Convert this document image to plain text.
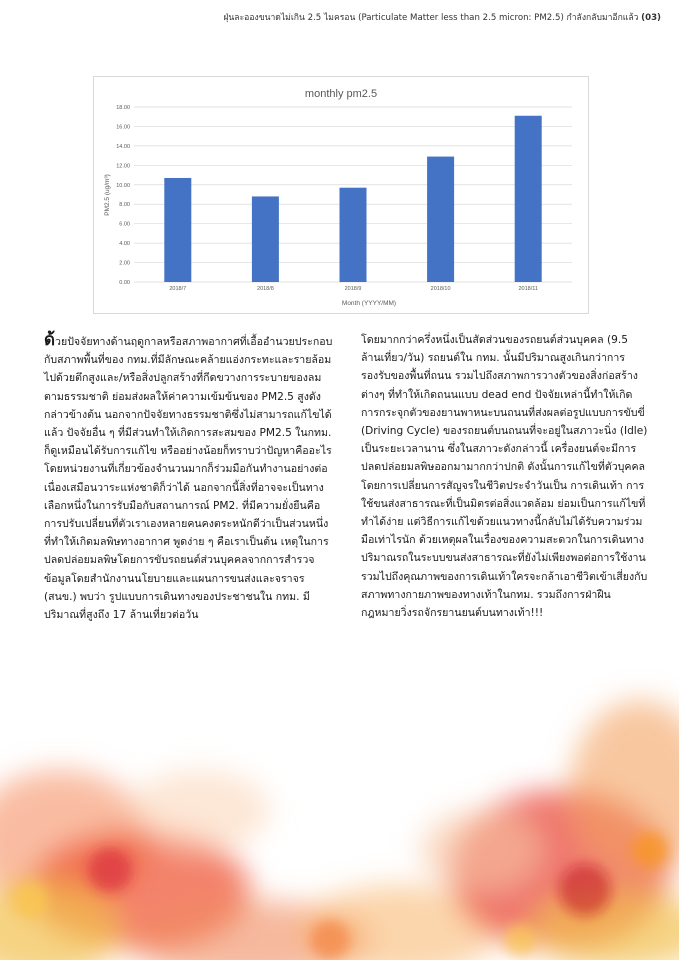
ฝุ่นละอองขนาดไม่เกิน 2.5 ไมครอน (Particulate Matter less than 2.5 micron: PM2.5) กำลังกลับมาอีกแล้ว (03)
monthly pm2.5
0.00
2.00
4.00
6.00
8.00
10.00
12.00
14.00
16.00
18.00
2018/7	2018/8	2018/9	2018/10	2018/11
Month (YYYY/MM)
PM2.5 (ug/m³)

ด้วยปัจจัยทางด้านฤดูกาลหรือสภาพอากาศที่เอื้ออำนวยประกอบกับสภาพพื้นที่ของ กทม.ที่มีลักษณะคล้ายแอ่งกระทะและรายล้อมไปด้วยตึกสูงและ/หรือสิ่งปลูกสร้างที่กีดขวางการระบายของลมตามธรรมชาติ ย่อมส่งผลให้ค่าความเข้มข้นของ PM2.5 สูงดังกล่าวข้างต้น นอกจากปัจจัยทางธรรมชาติซึ่งไม่สามารถแก้ไขได้แล้ว ปัจจัยอื่น ๆ ที่มีส่วนทำให้เกิดการสะสมของ PM2.5 ในกทม. ก็ดูเหมือนได้รับการแก้ไข หรืออย่างน้อยก็ทราบว่าปัญหาคืออะไร โดยหน่วยงานที่เกี่ยวข้องจำนวนมากก็ร่วมมือกันทำงานอย่างต่อเนื่องเสมือนวาระแห่งชาติก็ว่าได้ นอกจากนี้สิ่งที่อาจจะเป็นทางเลือกหนึ่งในการรับมือกับสถานการณ์ PM2. ที่มีความยั่งยืนคือ การปรับเปลี่ยนที่ตัวเราเองหลายคนคงตระหนักดีว่าเป็นส่วนหนึ่งที่ทำให้เกิดมลพิษทางอากาศ พูดง่าย ๆ คือเราเป็นต้น เหตุในการปลดปล่อยมลพิษโดยการขับรถยนต์ส่วนบุคคลจากการสำรวจข้อมูลโดยสำนักงานนโยบายและแผนการขนส่งและจราจร (สนข.) พบว่า รูปแบบการเดินทางของประชาชนใน กทม. มีปริมาณที่สูงถึง 17 ล้านเที่ยวต่อวัน

โดยมากกว่าครึ่งหนึ่งเป็นสัดส่วนของรถยนต์ส่วนบุคคล (9.5 ล้านเที่ยว/วัน) รถยนต์ใน กทม. นั้นมีปริมาณสูงเกินกว่าการรองรับของพื้นที่ถนน รวมไปถึงสภาพการวางตัวของสิ่งก่อสร้างต่างๆ ที่ทำให้เกิดถนนแบบ dead end ปัจจัยเหล่านี้ทำให้เกิดการกระจุกตัวของยานพาหนะบนถนนที่ส่งผลต่อรูปแบบการขับขี่ (Driving Cycle) ของรถยนต์บนถนนที่จะอยู่ในสภาวะนิ่ง (Idle) เป็นระยะเวลานาน ซึ่งในสภาวะดังกล่าวนี้ เครื่องยนต์จะมีการปลดปล่อยมลพิษออกมามากกว่าปกติ ดังนั้นการแก้ไขที่ตัวบุคคลโดยการเปลี่ยนการสัญจรในชีวิตประจำวันเป็น การเดินเท้า การใช้ขนส่งสาธารณะที่เป็นมิตรต่อสิ่งแวดล้อม ย่อมเป็นการแก้ไขที่ทำได้ง่าย แต่วิธีการแก้ไขด้วยแนวทางนี้กลับไม่ได้รับความร่วมมือเท่าไรนัก ด้วยเหตุผลในเรื่องของความสะดวกในการเดินทางปริมาณรถในระบบขนส่งสาธารณะที่ยังไม่เพียงพอต่อการใช้งาน รวมไปถึงคุณภาพของการเดินเท้าใครจะกล้าเอาชีวิตเข้าเสี่ยงกับสภาพทางกายภาพของทางเท้าในกทม. รวมถึงการฝ่าฝืนกฎหมายวิ่งรถจักรยานยนต์บนทางเท้า!!!
